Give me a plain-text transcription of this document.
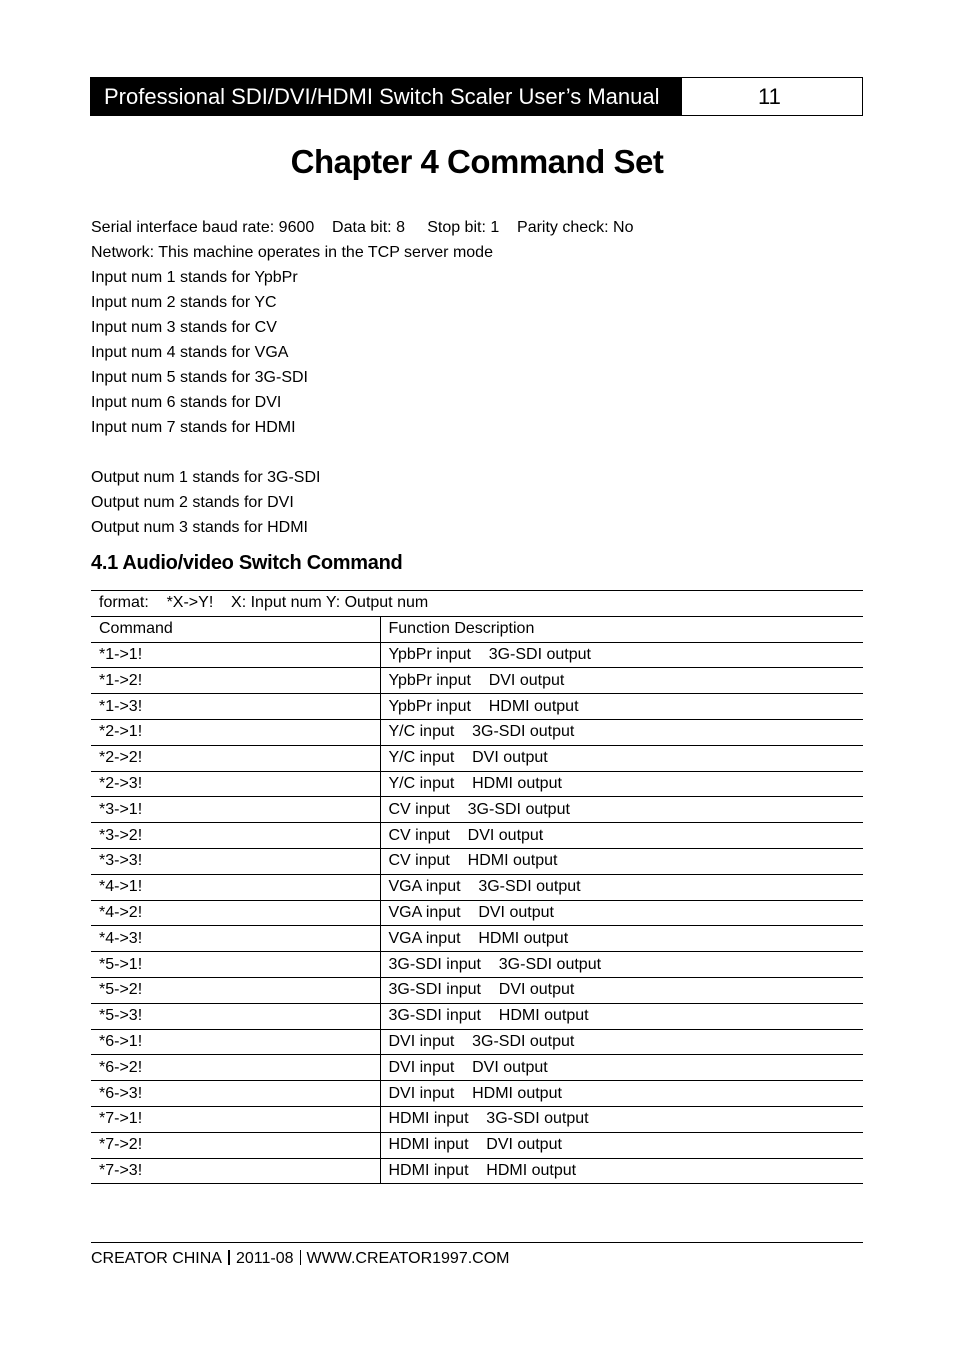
Professional SDI/DVI/HDMI Switch Scaler User’s Manual	11
Chapter 4 Command Set

Serial interface baud rate: 9600    Data bit: 8     Stop bit: 1    Parity check: No

Network: This machine operates in the TCP server mode

Input num 1 stands for YpbPr

Input num 2 stands for YC

Input num 3 stands for CV

Input num 4 stands for VGA

Input num 5 stands for 3G-SDI

Input num 6 stands for DVI

Input num 7 stands for HDMI

Output num 1 stands for 3G-SDI

Output num 2 stands for DVI

Output num 3 stands for HDMI

4.1 Audio/video Switch Command
format:    *X->Y!    X: Input num Y: Output num	
Command	Function Description
*1->1!	YpbPr input    3G-SDI output
*1->2!	YpbPr input    DVI output
*1->3!	YpbPr input    HDMI output
*2->1!	Y/C input    3G-SDI output
*2->2!	Y/C input    DVI output
*2->3!	Y/C input    HDMI output
*3->1!	CV input    3G-SDI output
*3->2!	CV input    DVI output
*3->3!	CV input    HDMI output
*4->1!	VGA input    3G-SDI output
*4->2!	VGA input    DVI output
*4->3!	VGA input    HDMI output
*5->1!	3G-SDI input    3G-SDI output
*5->2!	3G-SDI input    DVI output
*5->3!	3G-SDI input    HDMI output
*6->1!	DVI input    3G-SDI output
*6->2!	DVI input    DVI output
*6->3!	DVI input    HDMI output
*7->1!	HDMI input    3G-SDI output
*7->2!	HDMI input    DVI output
*7->3!	HDMI input    HDMI output
CREATOR CHINA 2011-08 WWW.CREATOR1997.COM
